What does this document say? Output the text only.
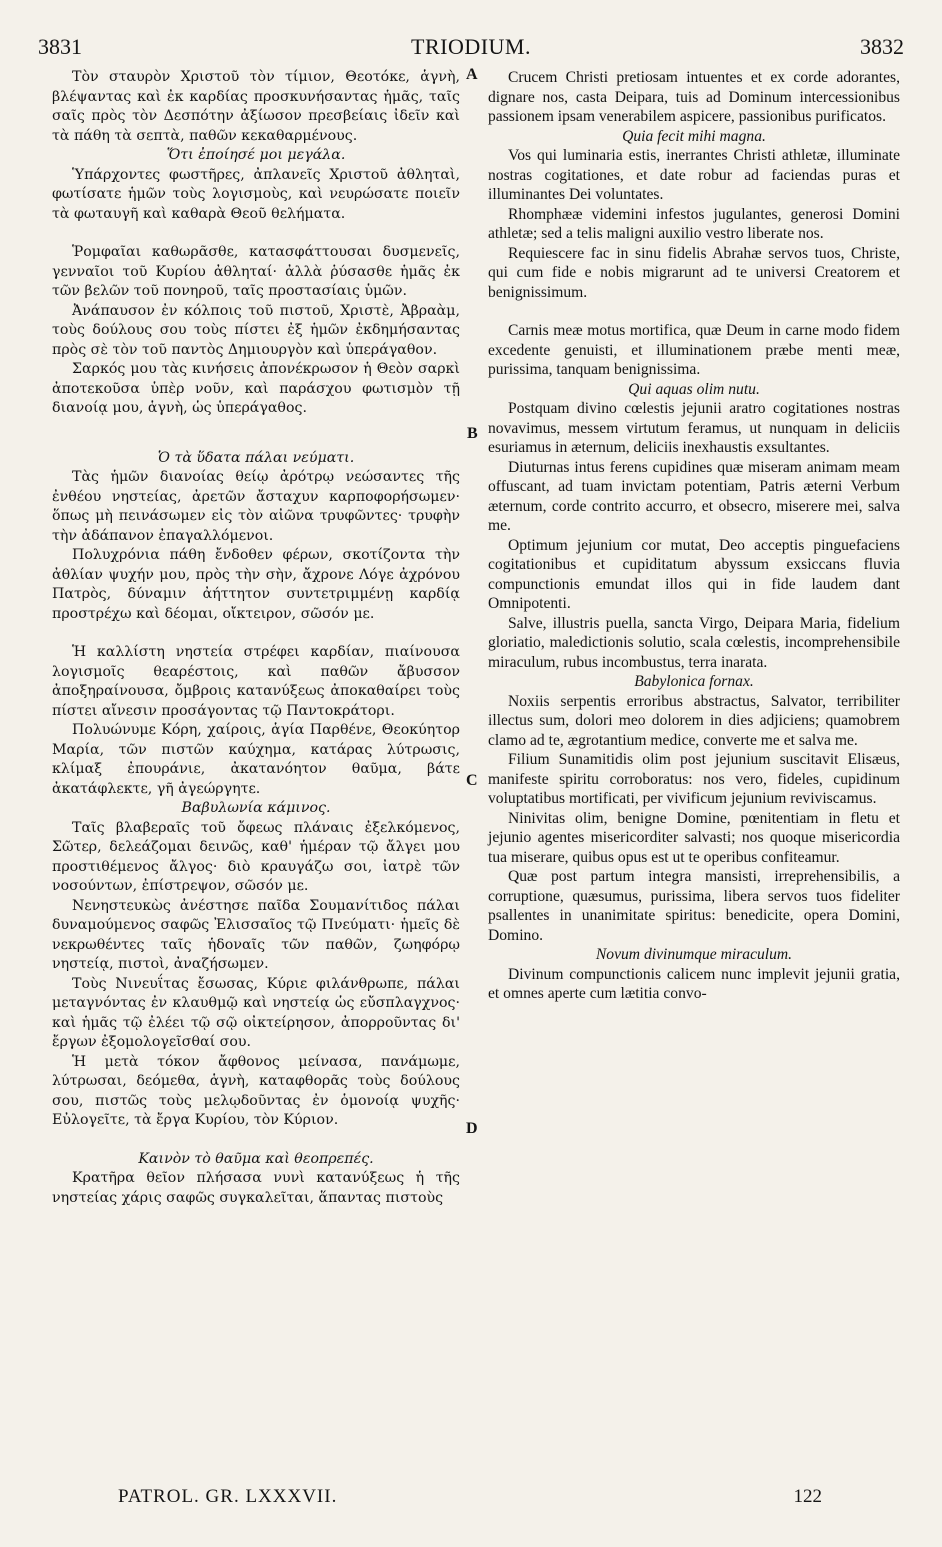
3831	TRIODIUM.	3832
A
B
C
D

Τὸν σταυρὸν Χριστοῦ τὸν τίμιον, Θεοτόκε, ἁγνὴ, βλέψαντας καὶ ἐκ καρδίας προσκυνήσαντας ἡμᾶς, ταῖς σαῖς πρὸς τὸν Δεσπότην ἀξίωσον πρεσβείαις ἰδεῖν καὶ τὰ πάθη τὰ σεπτὰ, παθῶν κεκαθαρμένους.

Ὅτι ἐποίησέ μοι μεγάλα.

Ὑπάρχοντες φωστῆρες, ἀπλανεῖς Χριστοῦ ἀθληταὶ, φωτίσατε ἡμῶν τοὺς λογισμοὺς, καὶ νευρώσατε ποιεῖν τὰ φωταυγῆ καὶ καθαρὰ Θεοῦ θελήματα.

Ῥομφαῖαι καθωρᾶσθε, κατασφάττουσαι δυσμενεῖς, γενναῖοι τοῦ Κυρίου ἀθληταί· ἀλλὰ ῥύσασθε ἡμᾶς ἐκ τῶν βελῶν τοῦ πονηροῦ, ταῖς προστασίαις ὑμῶν.

Ἀνάπαυσον ἐν κόλποις τοῦ πιστοῦ, Χριστὲ, Ἀβραὰμ, τοὺς δούλους σου τοὺς πίστει ἐξ ἡμῶν ἐκδημήσαντας πρὸς σὲ τὸν τοῦ παντὸς Δημιουργὸν καὶ ὑπεράγαθον.

Σαρκός μου τὰς κινήσεις ἀπονέκρωσον ἡ Θεὸν σαρκὶ ἀποτεκοῦσα ὑπὲρ νοῦν, καὶ παράσχου φωτισμὸν τῇ διανοίᾳ μου, ἁγνὴ, ὡς ὑπεράγαθος.

Ὁ τὰ ὕδατα πάλαι νεύματι.

Τὰς ἡμῶν διανοίας θείῳ ἀρότρῳ νεώσαντες τῆς ἐνθέου νηστείας, ἀρετῶν ἄσταχυν καρποφορήσωμεν· ὅπως μὴ πεινάσωμεν εἰς τὸν αἰῶνα τρυφῶντες· τρυφὴν τὴν ἀδάπανον ἐπαγαλλόμενοι.

Πολυχρόνια πάθη ἔνδοθεν φέρων, σκοτίζοντα τὴν ἀθλίαν ψυχήν μου, πρὸς τὴν σὴν, ἄχρονε Λόγε ἀχρόνου Πατρὸς, δύναμιν ἀήττητον συντετριμμένῃ καρδίᾳ προστρέχω καὶ δέομαι, οἴκτειρον, σῶσόν με.

Ἡ καλλίστη νηστεία στρέφει καρδίαν, πιαίνουσα λογισμοῖς θεαρέστοις, καὶ παθῶν ἄβυσσον ἀποξηραίνουσα, ὄμβροις κατανύξεως ἀποκαθαίρει τοὺς πίστει αἴνεσιν προσάγοντας τῷ Παντοκράτορι.

Πολυώνυμε Κόρη, χαίροις, ἁγία Παρθένε, Θεοκύητορ Μαρία, τῶν πιστῶν καύχημα, κατάρας λύτρωσις, κλίμαξ ἐπουράνιε, ἀκατανόητον θαῦμα, βάτε ἀκατάφλεκτε, γῆ ἀγεώργητε.

Βαβυλωνία κάμινος.

Ταῖς βλαβεραῖς τοῦ ὄφεως πλάναις ἐξελκόμενος, Σῶτερ, δελεάζομαι δεινῶς, καθ' ἡμέραν τῷ ἄλγει μου προστιθέμενος ἄλγος· διὸ κραυγάζω σοι, ἰατρὲ τῶν νοσούντων, ἐπίστρεψον, σῶσόν με.

Νενηστευκὼς ἀνέστησε παῖδα Σουμανίτιδος πάλαι δυναμούμενος σαφῶς Ἐλισσαῖος τῷ Πνεύματι· ἡμεῖς δὲ νεκρωθέντες ταῖς ἡδοναῖς τῶν παθῶν, ζωηφόρῳ νηστείᾳ, πιστοὶ, ἀναζήσωμεν.

Τοὺς Νινευΐτας ἔσωσας, Κύριε φιλάνθρωπε, πάλαι μεταγνόντας ἐν κλαυθμῷ καὶ νηστείᾳ ὡς εὔσπλαγχνος· καὶ ἡμᾶς τῷ ἐλέει τῷ σῷ οἰκτείρησον, ἀπορροῦντας δι' ἔργων ἐξομολογεῖσθαί σου.

Ἡ μετὰ τόκον ἄφθονος μείνασα, πανάμωμε, λύτρωσαι, δεόμεθα, ἁγνὴ, καταφθορᾶς τοὺς δούλους σου, πιστῶς τοὺς μελῳδοῦντας ἐν ὁμονοίᾳ ψυχῆς· Εὐλογεῖτε, τὰ ἔργα Κυρίου, τὸν Κύριον.

Καινὸν τὸ θαῦμα καὶ θεοπρεπές.

Κρατῆρα θεῖον πλήσασα νυνὶ κατανύξεως ἡ τῆς νηστείας χάρις σαφῶς συγκαλεῖται, ἅπαντας πιστοὺς

Crucem Christi pretiosam intuentes et ex corde adorantes, dignare nos, casta Deipara, tuis ad Dominum intercessionibus passionem ipsam venerabilem aspicere, passionibus purificatos.

Quia fecit mihi magna.

Vos qui luminaria estis, inerrantes Christi athletæ, illuminate nostras cogitationes, et date robur ad faciendas puras et illuminantes Dei voluntates.

Rhomphææ videmini infestos jugulantes, generosi Domini athletæ; sed a telis maligni auxilio vestro liberate nos.

Requiescere fac in sinu fidelis Abrahæ servos tuos, Christe, qui cum fide e nobis migrarunt ad te universi Creatorem et benignissimum.

Carnis meæ motus mortifica, quæ Deum in carne modo fidem excedente genuisti, et illuminationem præbe menti meæ, purissima, tanquam benignissima.

Qui aquas olim nutu.

Postquam divino cœlestis jejunii aratro cogitationes nostras novavimus, messem virtutum feramus, ut nunquam in deliciis esuriamus in æternum, deliciis inexhaustis exsultantes.

Diuturnas intus ferens cupidines quæ miseram animam meam offuscant, ad tuam invictam potentiam, Patris æterni Verbum æternum, corde contrito accurro, et obsecro, miserere mei, salva me.

Optimum jejunium cor mutat, Deo acceptis pinguefaciens cogitationibus et cupiditatum abyssum exsiccans fluvia compunctionis emundat illos qui in fide laudem dant Omnipotenti.

Salve, illustris puella, sancta Virgo, Deipara Maria, fidelium gloriatio, maledictionis solutio, scala cœlestis, incomprehensibile miraculum, rubus incombustus, terra inarata.

Babylonica fornax.

Noxiis serpentis erroribus abstractus, Salvator, terribiliter illectus sum, dolori meo dolorem in dies adjiciens; quamobrem clamo ad te, ægrotantium medice, converte me et salva me.

Filium Sunamitidis olim post jejunium suscitavit Elisæus, manifeste spiritu corroboratus: nos vero, fideles, cupidinum voluptatibus mortificati, per vivificum jejunium reviviscamus.

Ninivitas olim, benigne Domine, pœnitentiam in fletu et jejunio agentes misericorditer salvasti; nos quoque misericordia tua miserare, quibus opus est ut te operibus confiteamur.

Quæ post partum integra mansisti, irreprehensibilis, a corruptione, quæsumus, purissima, libera servos tuos fideliter psallentes in unanimitate spiritus: benedicite, opera Domini, Domino.

Novum divinumque miraculum.

Divinum compunctionis calicem nunc implevit jejunii gratia, et omnes aperte cum lætitia convo-

PATROL. GR. LXXXVII.	122
